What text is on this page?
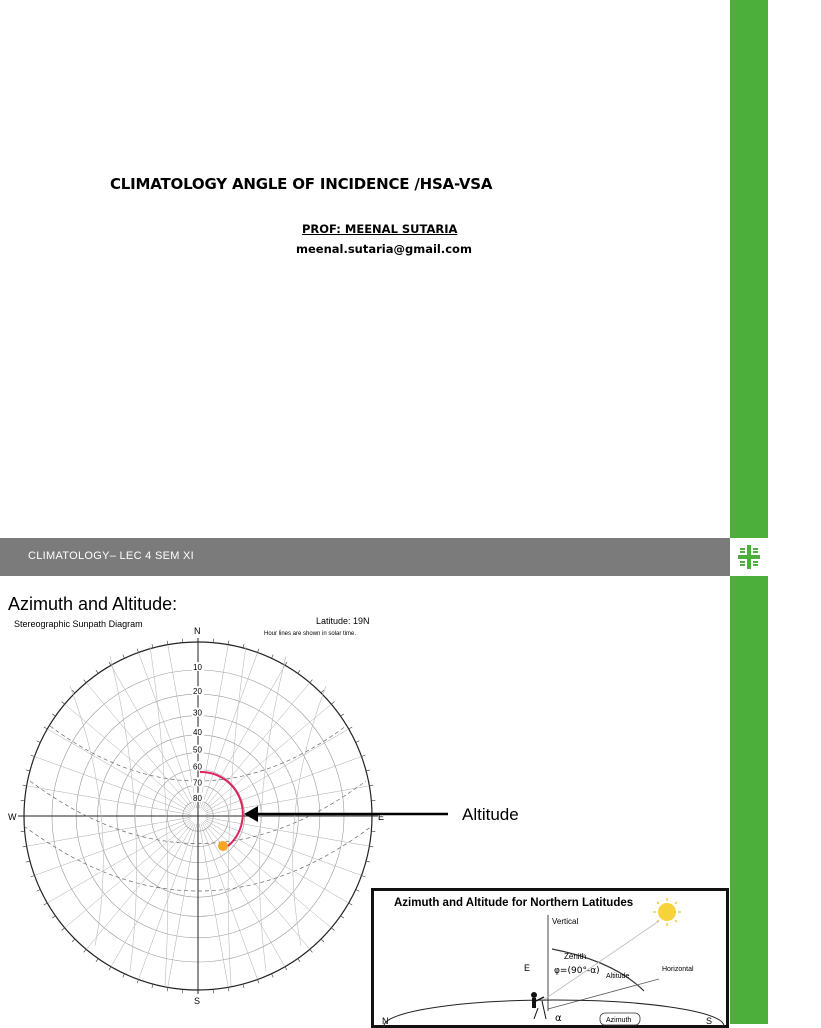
CLIMATOLOGY
CLIMATOLOGY ANGLE OF INCIDENCE /HSA-VSA
PROF: MEENAL SUTARIA
meenal.sutaria@gmail.com
CLIMATOLOGY– LEC 4 SEM XI
CLIMATOLOGY
Azimuth and Altitude:
Stereographic Sunpath Diagram	Latitude: 19N
Hour lines are shown in solar time.
N
S
W	E
10
20
30
40
50
60
70
80
Altitude
Azimuth and Altitude for Northern Latitudes
Vertical
Zenith
φ=(90°-α)
Altitude
Horizontal
E
N	S
α	Azimuth
